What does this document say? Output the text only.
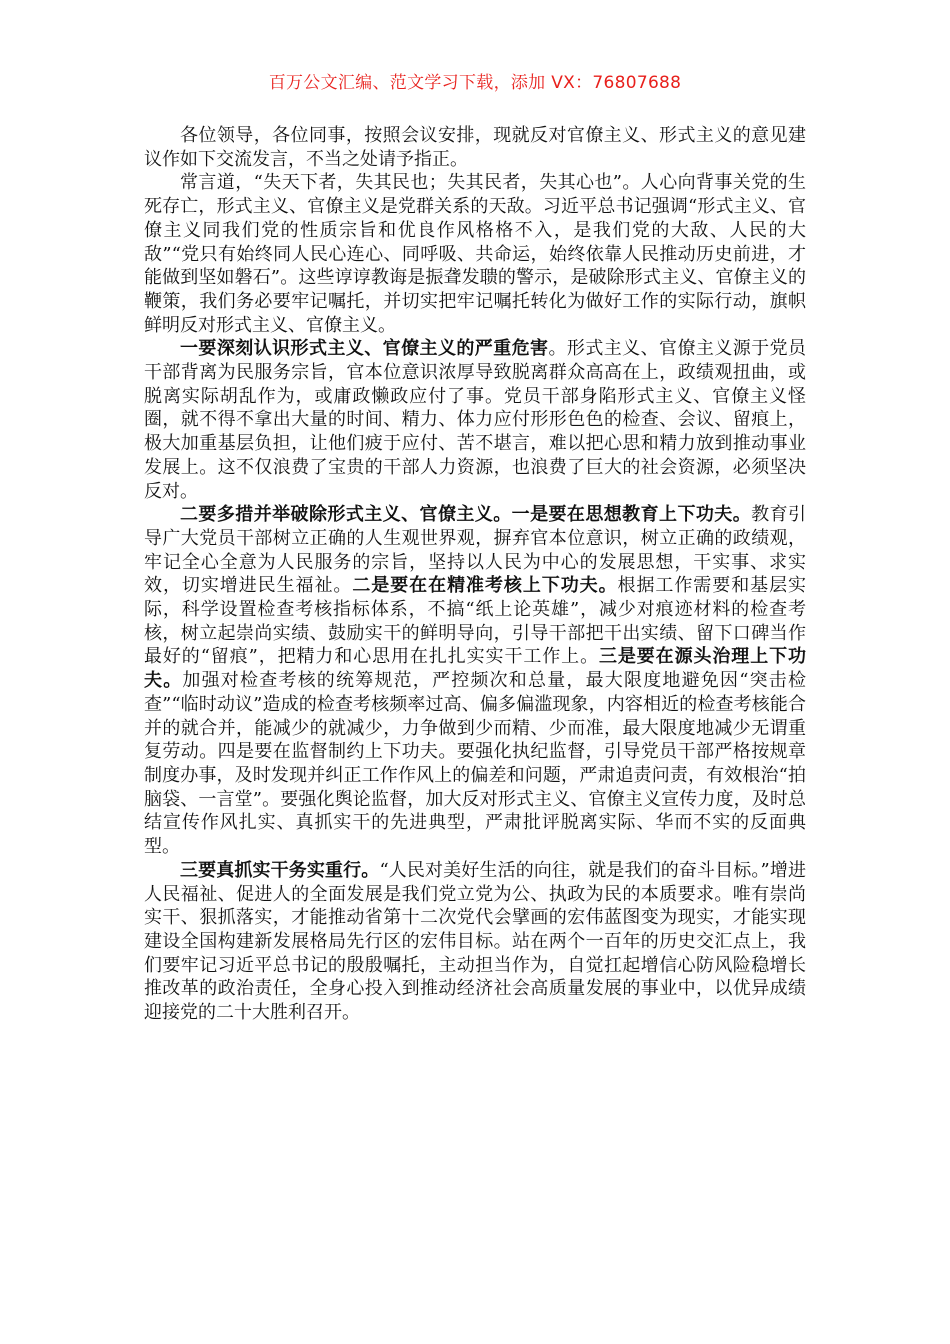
百万公文汇编、范文学习下载，添加 VX：76807688

各位领导，各位同事，按照会议安排，现就反对官僚主义、形式主义的意见建议作如下交流发言，不当之处请予指正。

常言道，“失天下者，失其民也；失其民者，失其心也”。人心向背事关党的生死存亡，形式主义、官僚主义是党群关系的天敌。习近平总书记强调“形式主义、官僚主义同我们党的性质宗旨和优良作风格格不入，是我们党的大敌、人民的大敌”“党只有始终同人民心连心、同呼吸、共命运，始终依靠人民推动历史前进，才能做到坚如磐石”。这些谆谆教诲是振聋发聩的警示，是破除形式主义、官僚主义的鞭策，我们务必要牢记嘱托，并切实把牢记嘱托转化为做好工作的实际行动，旗帜鲜明反对形式主义、官僚主义。

一要深刻认识形式主义、官僚主义的严重危害。形式主义、官僚主义源于党员干部背离为民服务宗旨，官本位意识浓厚导致脱离群众高高在上，政绩观扭曲，或脱离实际胡乱作为，或庸政懒政应付了事。党员干部身陷形式主义、官僚主义怪圈，就不得不拿出大量的时间、精力、体力应付形形色色的检查、会议、留痕上，极大加重基层负担，让他们疲于应付、苦不堪言，难以把心思和精力放到推动事业发展上。这不仅浪费了宝贵的干部人力资源，也浪费了巨大的社会资源，必须坚决反对。

二要多措并举破除形式主义、官僚主义。一是要在思想教育上下功夫。教育引导广大党员干部树立正确的人生观世界观，摒弃官本位意识，树立正确的政绩观，牢记全心全意为人民服务的宗旨，坚持以人民为中心的发展思想，干实事、求实效，切实增进民生福祉。二是要在在精准考核上下功夫。根据工作需要和基层实际，科学设置检查考核指标体系，不搞“纸上论英雄”，减少对痕迹材料的检查考核，树立起崇尚实绩、鼓励实干的鲜明导向，引导干部把干出实绩、留下口碑当作最好的“留痕”，把精力和心思用在扎扎实实干工作上。三是要在源头治理上下功夫。加强对检查考核的统筹规范，严控频次和总量，最大限度地避免因“突击检查”“临时动议”造成的检查考核频率过高、偏多偏滥现象，内容相近的检查考核能合并的就合并，能减少的就减少，力争做到少而精、少而准，最大限度地减少无谓重复劳动。四是要在监督制约上下功夫。要强化执纪监督，引导党员干部严格按规章制度办事，及时发现并纠正工作作风上的偏差和问题，严肃追责问责，有效根治“拍脑袋、一言堂”。要强化舆论监督，加大反对形式主义、官僚主义宣传力度，及时总结宣传作风扎实、真抓实干的先进典型，严肃批评脱离实际、华而不实的反面典型。

三要真抓实干务实重行。“人民对美好生活的向往，就是我们的奋斗目标。”增进人民福祉、促进人的全面发展是我们党立党为公、执政为民的本质要求。唯有崇尚实干、狠抓落实，才能推动省第十二次党代会擘画的宏伟蓝图变为现实，才能实现建设全国构建新发展格局先行区的宏伟目标。站在两个一百年的历史交汇点上，我们要牢记习近平总书记的殷殷嘱托，主动担当作为，自觉扛起增信心防风险稳增长推改革的政治责任，全身心投入到推动经济社会高质量发展的事业中，以优异成绩迎接党的二十大胜利召开。
